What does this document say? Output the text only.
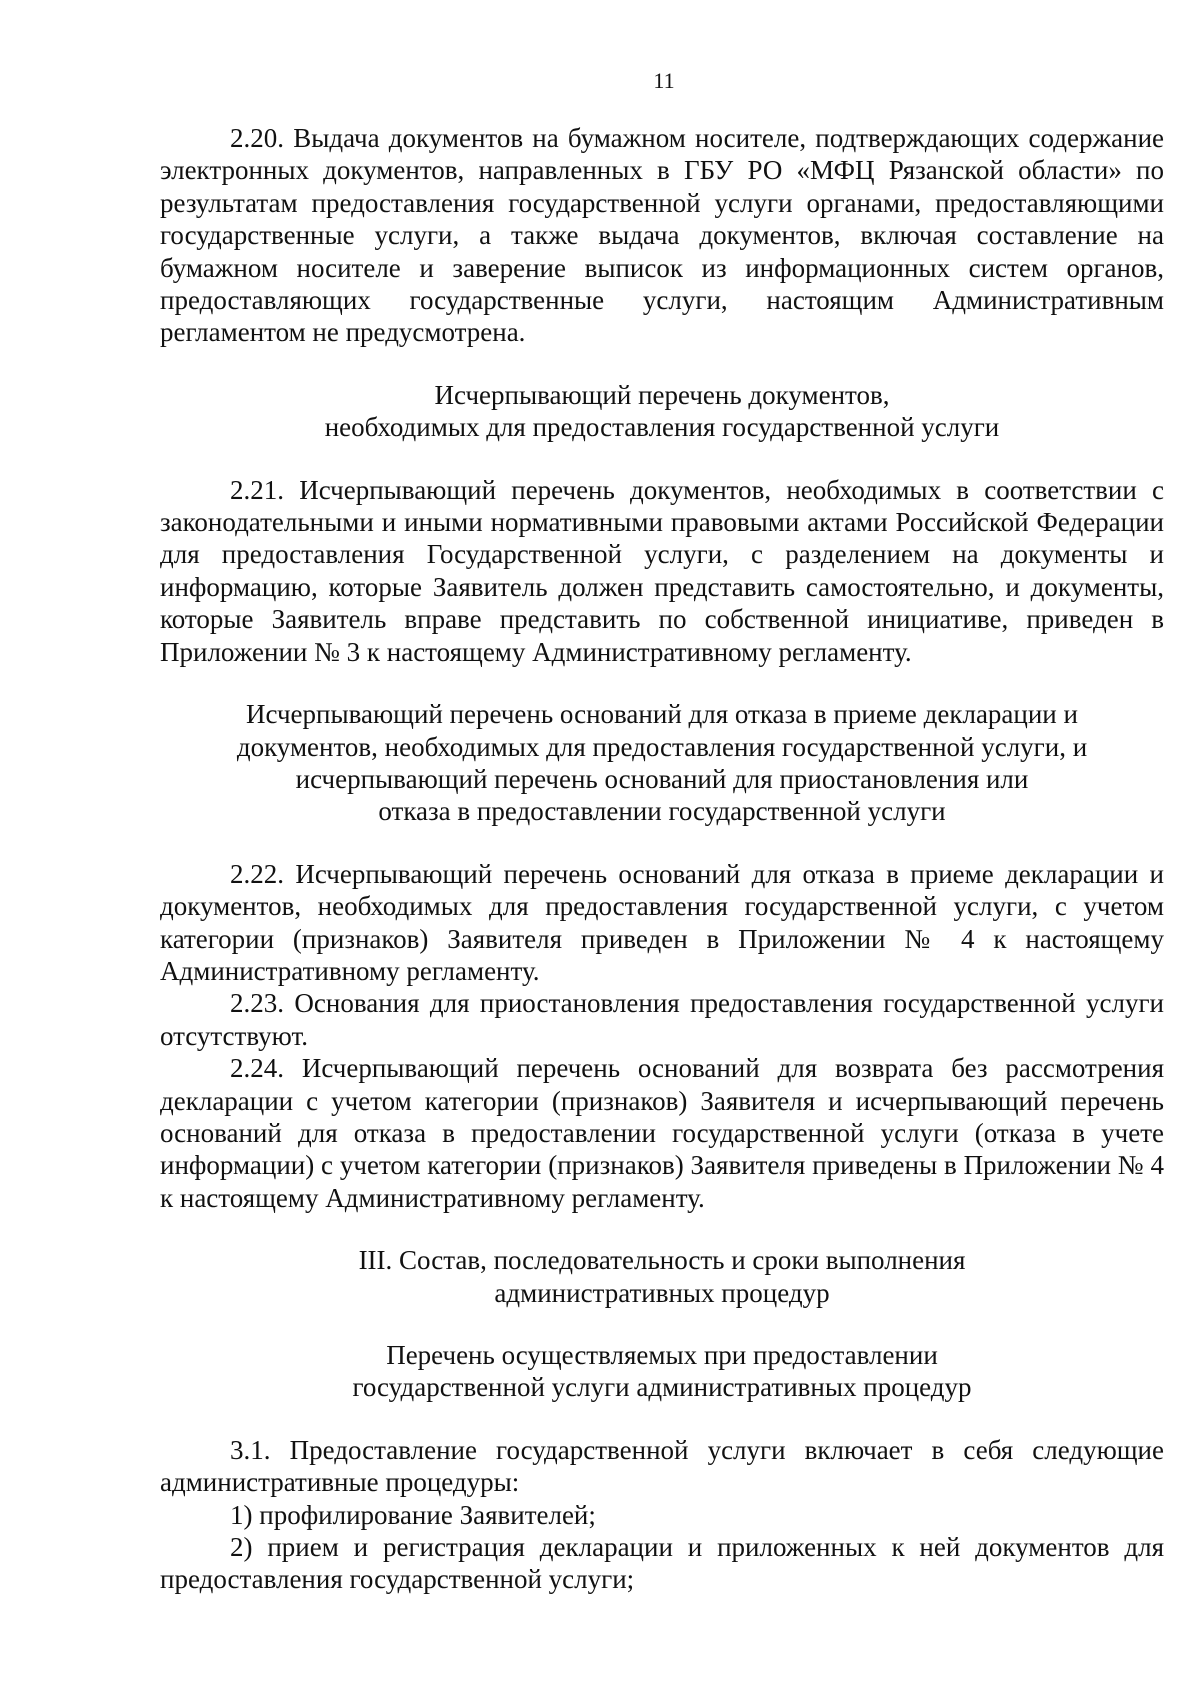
11

2.20. Выдача документов на бумажном носителе, подтверждающих содержание электронных документов, направленных в ГБУ РО «МФЦ Рязанской области» по результатам предоставления государственной услуги органами, предоставляющими государственные услуги, а также выдача документов, включая составление на бумажном носителе и заверение выписок из информационных систем органов, предоставляющих государственные услуги, настоящим Административным регламентом не предусмотрена.

Исчерпывающий перечень документов,
необходимых для предоставления государственной услуги

2.21. Исчерпывающий перечень документов, необходимых в соответствии с законодательными и иными нормативными правовыми актами Российской Федерации для предоставления Государственной услуги, с разделением на документы и информацию, которые Заявитель должен представить самостоятельно, и документы, которые Заявитель вправе представить по собственной инициативе, приведен в Приложении № 3 к настоящему Административному регламенту.

Исчерпывающий перечень оснований для отказа в приеме декларации и
документов, необходимых для предоставления государственной услуги, и
исчерпывающий перечень оснований для приостановления или
отказа в предоставлении государственной услуги

2.22. Исчерпывающий перечень оснований для отказа в приеме декларации и документов, необходимых для предоставления государственной услуги, с учетом категории (признаков) Заявителя приведен в Приложении № 4 к настоящему Административному регламенту.

2.23. Основания для приостановления предоставления государственной услуги отсутствуют.

2.24. Исчерпывающий перечень оснований для возврата без рассмотрения декларации с учетом категории (признаков) Заявителя и исчерпывающий перечень оснований для отказа в предоставлении государственной услуги (отказа в учете информации) с учетом категории (признаков) Заявителя приведены в Приложении № 4 к настоящему Административному регламенту.

III. Состав, последовательность и сроки выполнения
административных процедур
Перечень осуществляемых при предоставлении
государственной услуги административных процедур

3.1. Предоставление государственной услуги включает в себя следующие административные процедуры:

1) профилирование Заявителей;

2) прием и регистрация декларации и приложенных к ней документов для предоставления государственной услуги;
